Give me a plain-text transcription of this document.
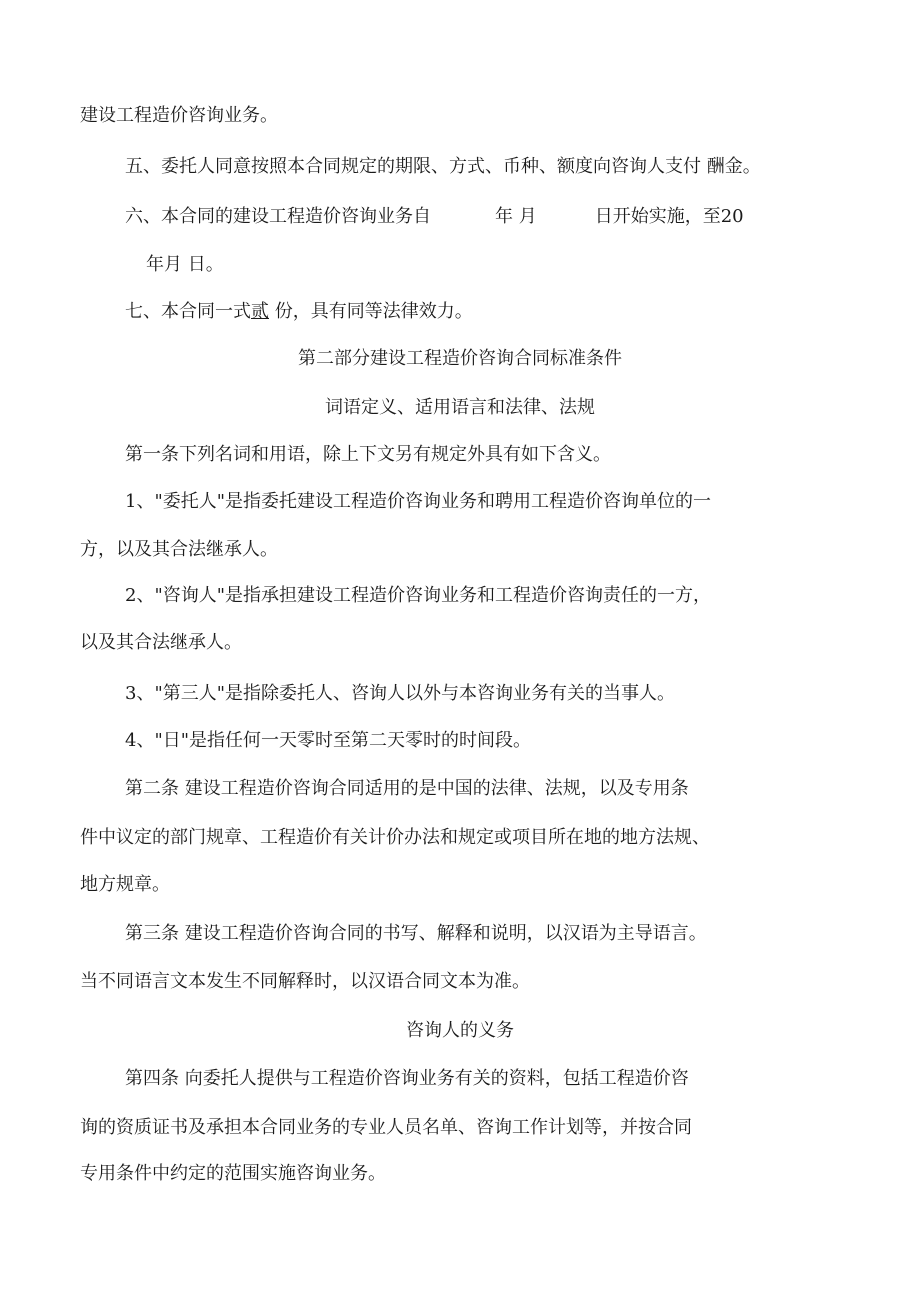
建设工程造价咨询业务。
五、委托人同意按照本合同规定的期限、方式、币种、额度向咨询人支付 酬金。
六、本合同的建设工程造价咨询业务自	年 月	日开始实施，至20
年月 日。
七、本合同一式贰 份，具有同等法律效力。
第二部分建设工程造价咨询合同标准条件
词语定义、适用语言和法律、法规
第一条下列名词和用语，除上下文另有规定外具有如下含义。
1、"委托人"是指委托建设工程造价咨询业务和聘用工程造价咨询单位的一
方，以及其合法继承人。
2、"咨询人"是指承担建设工程造价咨询业务和工程造价咨询责任的一方，
以及其合法继承人。
3、"第三人"是指除委托人、咨询人以外与本咨询业务有关的当事人。
4、"日"是指任何一天零时至第二天零时的时间段。
第二条 建设工程造价咨询合同适用的是中国的法律、法规，以及专用条
件中议定的部门规章、工程造价有关计价办法和规定或项目所在地的地方法规、
地方规章。
第三条 建设工程造价咨询合同的书写、解释和说明，以汉语为主导语言。
当不同语言文本发生不同解释时，以汉语合同文本为准。
咨询人的义务
第四条 向委托人提供与工程造价咨询业务有关的资料，包括工程造价咨
询的资质证书及承担本合同业务的专业人员名单、咨询工作计划等，并按合同
专用条件中约定的范围实施咨询业务。
